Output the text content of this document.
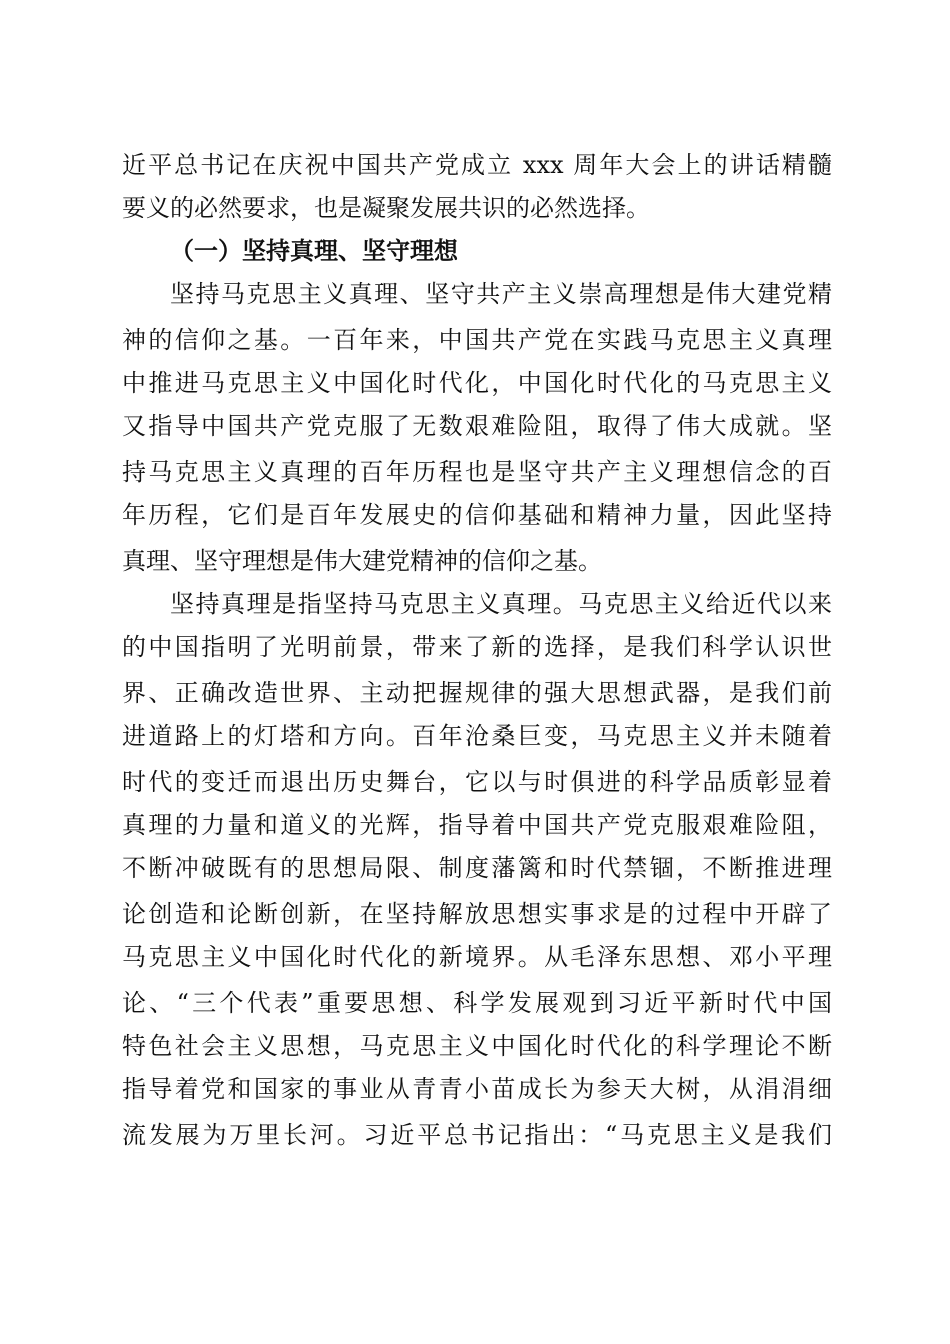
近平总书记在庆祝中国共产党成立 xxx 周年大会上的讲话精髓
要义的必然要求，也是凝聚发展共识的必然选择。
（一）坚持真理、坚守理想
坚持马克思主义真理、坚守共产主义崇高理想是伟大建党精
神的信仰之基。一百年来，中国共产党在实践马克思主义真理
中推进马克思主义中国化时代化，中国化时代化的马克思主义
又指导中国共产党克服了无数艰难险阻，取得了伟大成就。坚
持马克思主义真理的百年历程也是坚守共产主义理想信念的百
年历程，它们是百年发展史的信仰基础和精神力量，因此坚持
真理、坚守理想是伟大建党精神的信仰之基。
坚持真理是指坚持马克思主义真理。马克思主义给近代以来
的中国指明了光明前景，带来了新的选择，是我们科学认识世
界、正确改造世界、主动把握规律的强大思想武器，是我们前
进道路上的灯塔和方向。百年沧桑巨变，马克思主义并未随着
时代的变迁而退出历史舞台，它以与时俱进的科学品质彰显着
真理的力量和道义的光辉，指导着中国共产党克服艰难险阻，
不断冲破既有的思想局限、制度藩篱和时代禁锢，不断推进理
论创造和论断创新，在坚持解放思想实事求是的过程中开辟了
马克思主义中国化时代化的新境界。从毛泽东思想、邓小平理
论、“三个代表”重要思想、科学发展观到习近平新时代中国
特色社会主义思想，马克思主义中国化时代化的科学理论不断
指导着党和国家的事业从青青小苗成长为参天大树，从涓涓细
流发展为万里长河。习近平总书记指出：“马克思主义是我们
